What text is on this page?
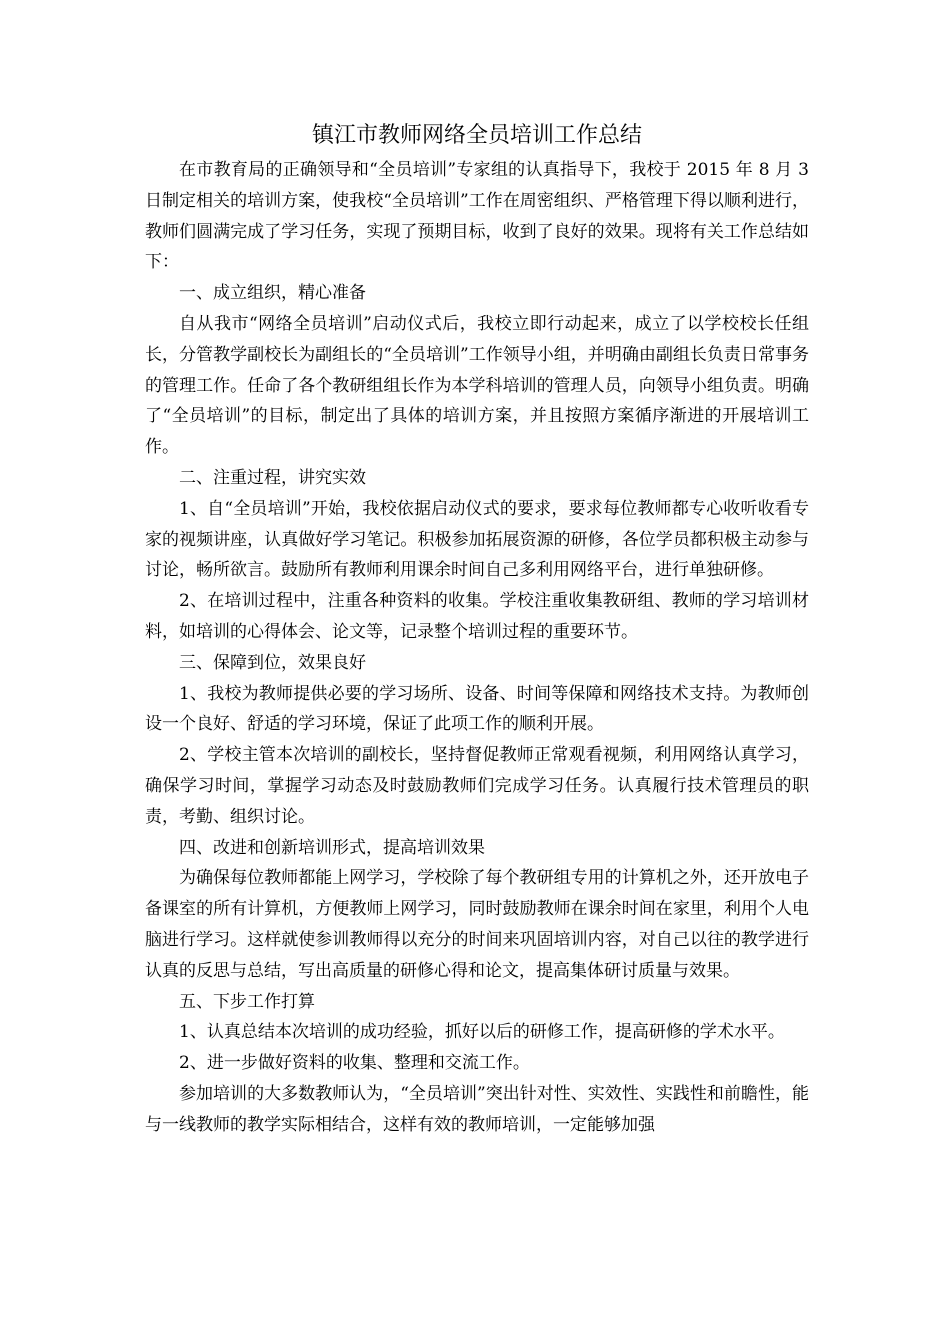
镇江市教师网络全员培训工作总结

在市教育局的正确领导和“全员培训”专家组的认真指导下，我校于 2015 年 8 月 3 日制定相关的培训方案，使我校“全员培训”工作在周密组织、严格管理下得以顺利进行，教师们圆满完成了学习任务，实现了预期目标，收到了良好的效果。现将有关工作总结如下：

一、成立组织，精心准备

自从我市“网络全员培训”启动仪式后，我校立即行动起来，成立了以学校校长任组长，分管教学副校长为副组长的“全员培训”工作领导小组，并明确由副组长负责日常事务的管理工作。任命了各个教研组组长作为本学科培训的管理人员，向领导小组负责。明确了“全员培训”的目标，制定出了具体的培训方案，并且按照方案循序渐进的开展培训工作。

二、注重过程，讲究实效

1、自“全员培训”开始，我校依据启动仪式的要求，要求每位教师都专心收听收看专家的视频讲座，认真做好学习笔记。积极参加拓展资源的研修，各位学员都积极主动参与讨论，畅所欲言。鼓励所有教师利用课余时间自己多利用网络平台，进行单独研修。

2、在培训过程中，注重各种资料的收集。学校注重收集教研组、教师的学习培训材料，如培训的心得体会、论文等，记录整个培训过程的重要环节。

三、保障到位，效果良好

1、我校为教师提供必要的学习场所、设备、时间等保障和网络技术支持。为教师创设一个良好、舒适的学习环境，保证了此项工作的顺利开展。

2、学校主管本次培训的副校长，坚持督促教师正常观看视频，利用网络认真学习，确保学习时间，掌握学习动态及时鼓励教师们完成学习任务。认真履行技术管理员的职责，考勤、组织讨论。

四、改进和创新培训形式，提高培训效果

为确保每位教师都能上网学习，学校除了每个教研组专用的计算机之外，还开放电子备课室的所有计算机，方便教师上网学习，同时鼓励教师在课余时间在家里，利用个人电脑进行学习。这样就使参训教师得以充分的时间来巩固培训内容，对自己以往的教学进行认真的反思与总结，写出高质量的研修心得和论文，提高集体研讨质量与效果。

五、下步工作打算

1、认真总结本次培训的成功经验，抓好以后的研修工作，提高研修的学术水平。

2、进一步做好资料的收集、整理和交流工作。

参加培训的大多数教师认为，“全员培训”突出针对性、实效性、实践性和前瞻性，能与一线教师的教学实际相结合，这样有效的教师培训，一定能够加强
